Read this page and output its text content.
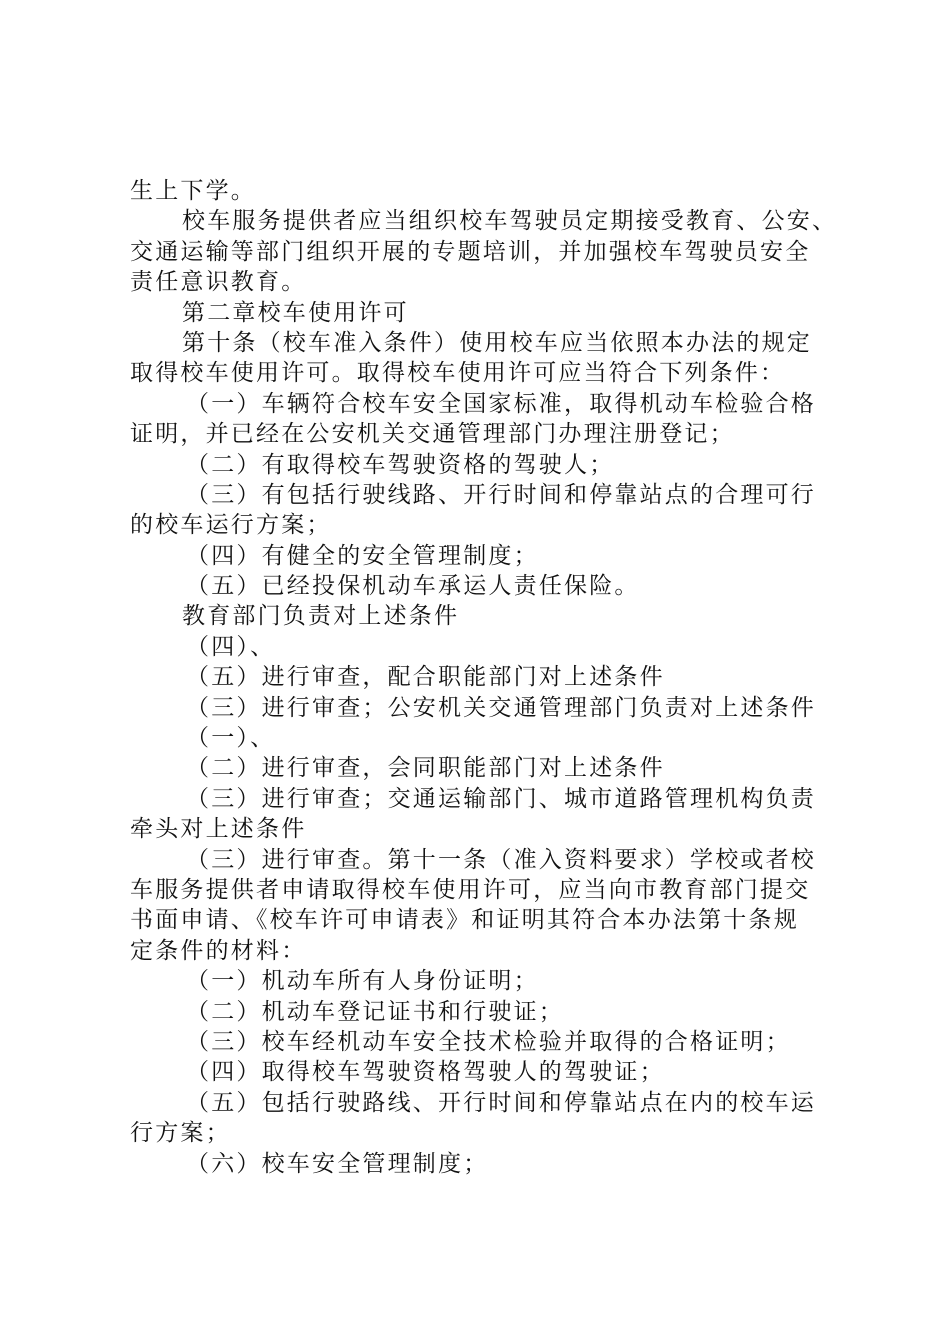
生上下学。
校车服务提供者应当组织校车驾驶员定期接受教育、公安、
交通运输等部门组织开展的专题培训，并加强校车驾驶员安全
责任意识教育。
第二章校车使用许可
第十条（校车准入条件）使用校车应当依照本办法的规定
取得校车使用许可。取得校车使用许可应当符合下列条件：
（一）车辆符合校车安全国家标准，取得机动车检验合格
证明，并已经在公安机关交通管理部门办理注册登记；
（二）有取得校车驾驶资格的驾驶人；
（三）有包括行驶线路、开行时间和停靠站点的合理可行
的校车运行方案；
（四）有健全的安全管理制度；
（五）已经投保机动车承运人责任保险。
教育部门负责对上述条件
（四）、
（五）进行审查，配合职能部门对上述条件
（三）进行审查；公安机关交通管理部门负责对上述条件
（一）、
（二）进行审查，会同职能部门对上述条件
（三）进行审查；交通运输部门、城市道路管理机构负责
牵头对上述条件
（三）进行审查。第十一条（准入资料要求）学校或者校
车服务提供者申请取得校车使用许可，应当向市教育部门提交
书面申请、《校车许可申请表》和证明其符合本办法第十条规
定条件的材料：
（一）机动车所有人身份证明；
（二）机动车登记证书和行驶证；
（三）校车经机动车安全技术检验并取得的合格证明；
（四）取得校车驾驶资格驾驶人的驾驶证；
（五）包括行驶路线、开行时间和停靠站点在内的校车运
行方案；
（六）校车安全管理制度；
